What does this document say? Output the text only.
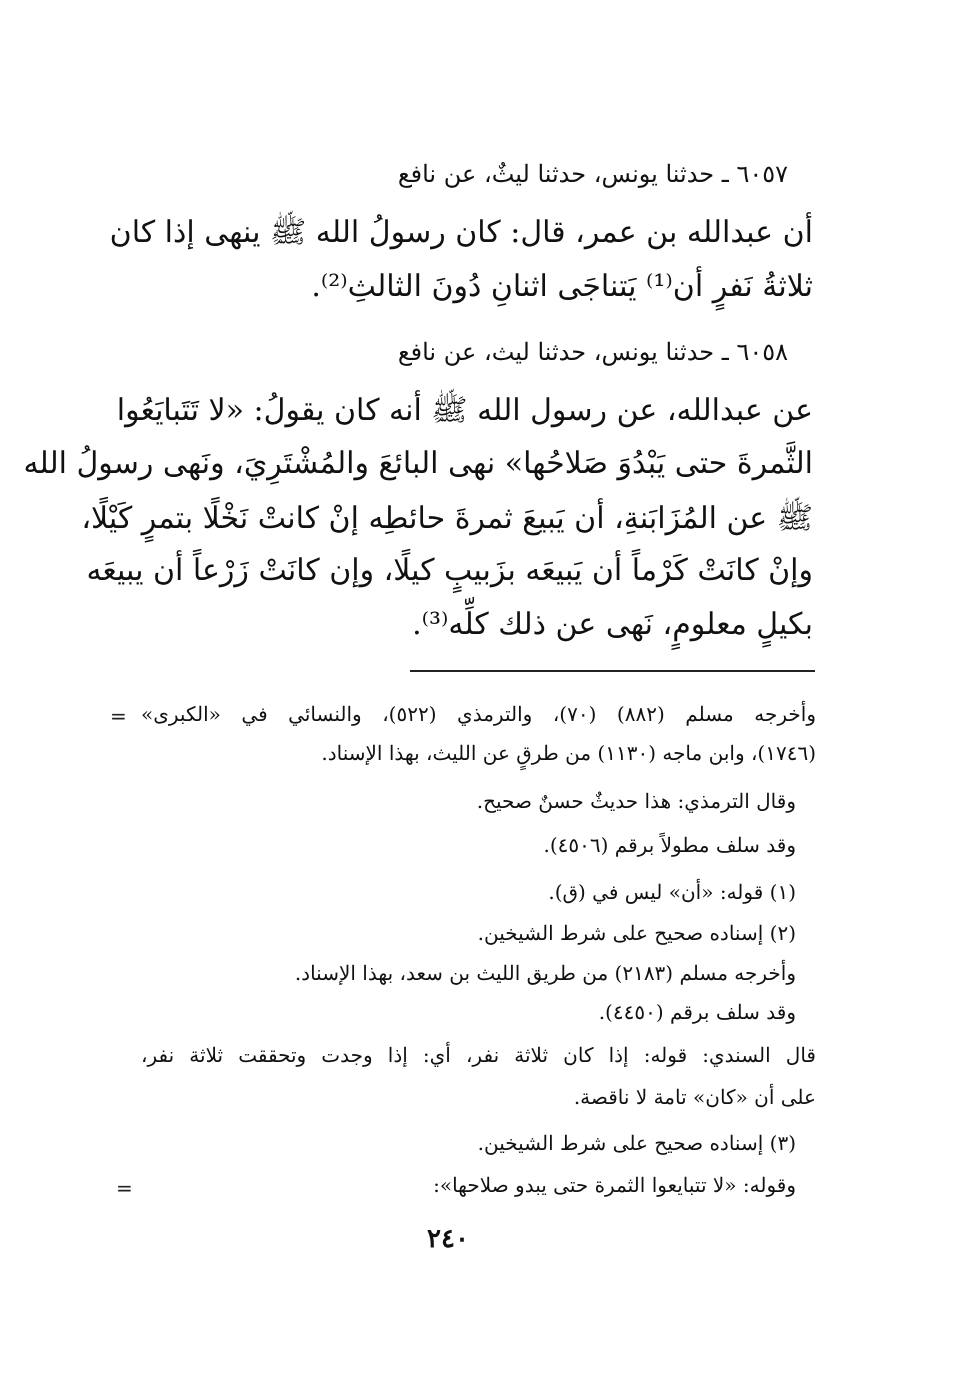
٦٠٥٧ ـ حدثنا يونس، حدثنا ليثٌ، عن نافع
أن عبدالله بن عمر، قال: كان رسولُ الله ﷺ ينهى إذا كان
ثلاثةُ نَفرٍ أن⁽¹⁾ يَتناجَى اثنانِ دُونَ الثالثِ⁽²⁾.
٦٠٥٨ ـ حدثنا يونس، حدثنا ليث، عن نافع
عن عبدالله، عن رسول الله ﷺ أنه كان يقولُ: «لا تَتَبايَعُوا
الثَّمرةَ حتى يَبْدُوَ صَلاحُها» نهى البائعَ والمُشْتَرِيَ، ونَهى رسولُ الله
ﷺ عن المُزَابَنةِ، أن يَبيعَ ثمرةَ حائطِه إنْ كانتْ نَخْلًا بتمرٍ كَيْلًا،
وإنْ كانَتْ كَرْماً أن يَبيعَه بزَبيبٍ كيلًا، وإن كانَتْ زَرْعاً أن يبيعَه
بكيلٍ معلومٍ، نَهى عن ذلك كلِّه⁽³⁾.
=
=
وأخرجه مسلم (٨٨٢) (٧٠)، والترمذي (٥٢٢)، والنسائي في «الكبرى»
(١٧٤٦)، وابن ماجه (١١٣٠) من طرقٍ عن الليث، بهذا الإسناد.
وقال الترمذي: هذا حديثٌ حسنٌ صحيح.
وقد سلف مطولاً برقم (٤٥٠٦).
(١) قوله: «أن» ليس في (ق).
(٢) إسناده صحيح على شرط الشيخين.
وأخرجه مسلم (٢١٨٣) من طريق الليث بن سعد، بهذا الإسناد.
وقد سلف برقم (٤٤٥٠).
قال السندي: قوله: إذا كان ثلاثة نفر، أي: إذا وجدت وتحققت ثلاثة نفر،
على أن «كان» تامة لا ناقصة.
(٣) إسناده صحيح على شرط الشيخين.
وقوله: «لا تتبايعوا الثمرة حتى يبدو صلاحها»:
٢٤٠
